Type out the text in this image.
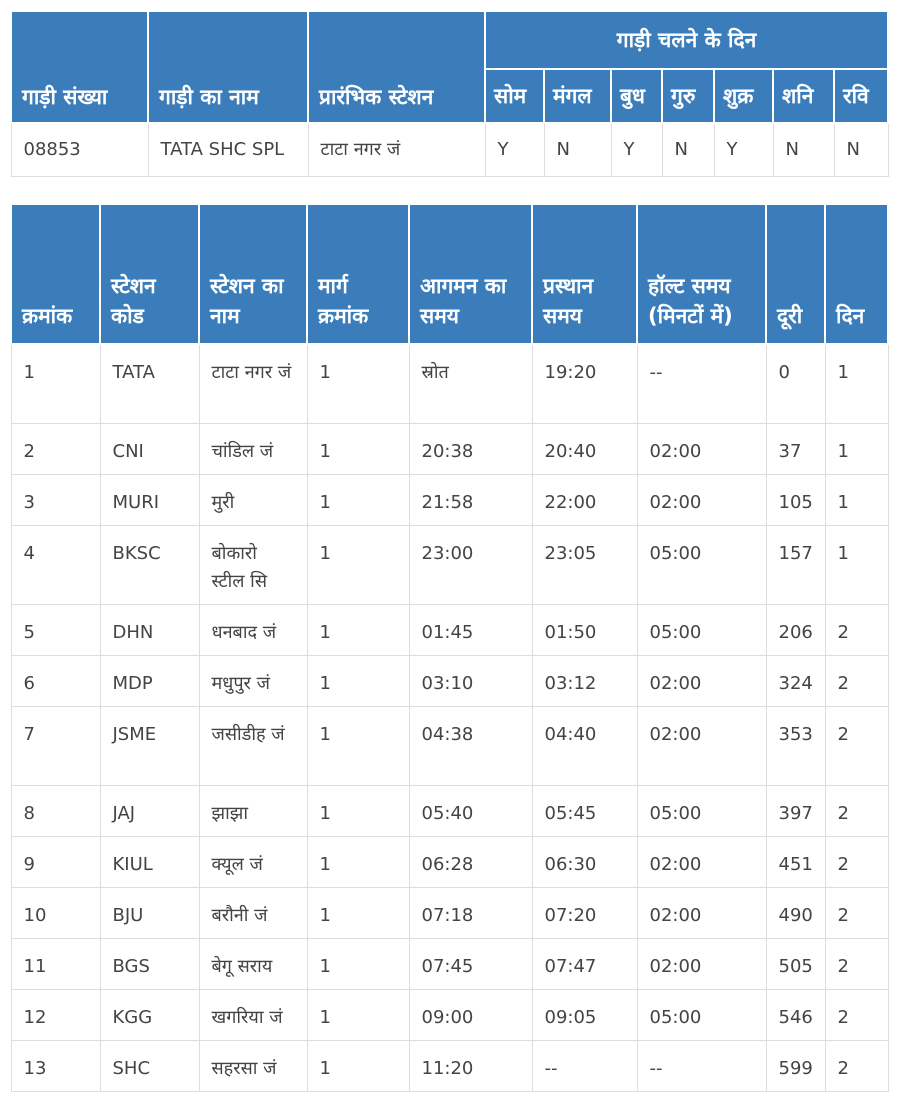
गाड़ी संख्या	गाड़ी का नाम	प्रारंभिक स्टेशन	गाड़ी चलने के दिन						
			सोम	मंगल	बुध	गुरु	शुक्र	शनि	रवि
08853	TATA SHC SPL	टाटा नगर जं	Y	N	Y	N	Y	N	N
क्रमांक	स्टेशन कोड	स्टेशन का नाम	मार्ग क्रमांक	आगमन का समय	प्रस्थान समय	हॉल्ट समय (मिनटों में)	दूरी	दिन
1	TATA	टाटा नगर जं	1	स्रोत	19:20	--	0	1
2	CNI	चांडिल जं	1	20:38	20:40	02:00	37	1
3	MURI	मुरी	1	21:58	22:00	02:00	105	1
4	BKSC	बोकारो स्टील सि	1	23:00	23:05	05:00	157	1
5	DHN	धनबाद जं	1	01:45	01:50	05:00	206	2
6	MDP	मधुपुर जं	1	03:10	03:12	02:00	324	2
7	JSME	जसीडीह जं	1	04:38	04:40	02:00	353	2
8	JAJ	झाझा	1	05:40	05:45	05:00	397	2
9	KIUL	क्यूल जं	1	06:28	06:30	02:00	451	2
10	BJU	बरौनी जं	1	07:18	07:20	02:00	490	2
11	BGS	बेगू सराय	1	07:45	07:47	02:00	505	2
12	KGG	खगरिया जं	1	09:00	09:05	05:00	546	2
13	SHC	सहरसा जं	1	11:20	--	--	599	2
